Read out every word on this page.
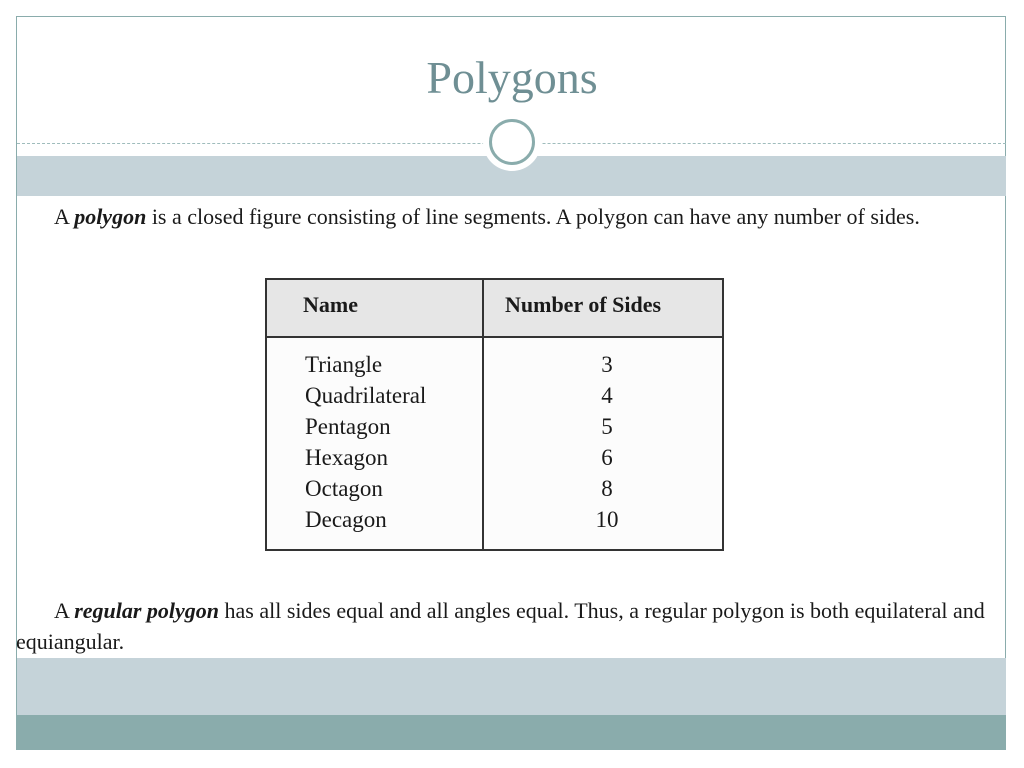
Polygons
A polygon is a closed figure consisting of line segments. A polygon can have any number of sides.
Name	Number of Sides
Triangle	3
Quadrilateral	4
Pentagon	5
Hexagon	6
Octagon	8
Decagon	10
A regular polygon has all sides equal and all angles equal. Thus, a regular polygon is both equilateral and equiangular.
